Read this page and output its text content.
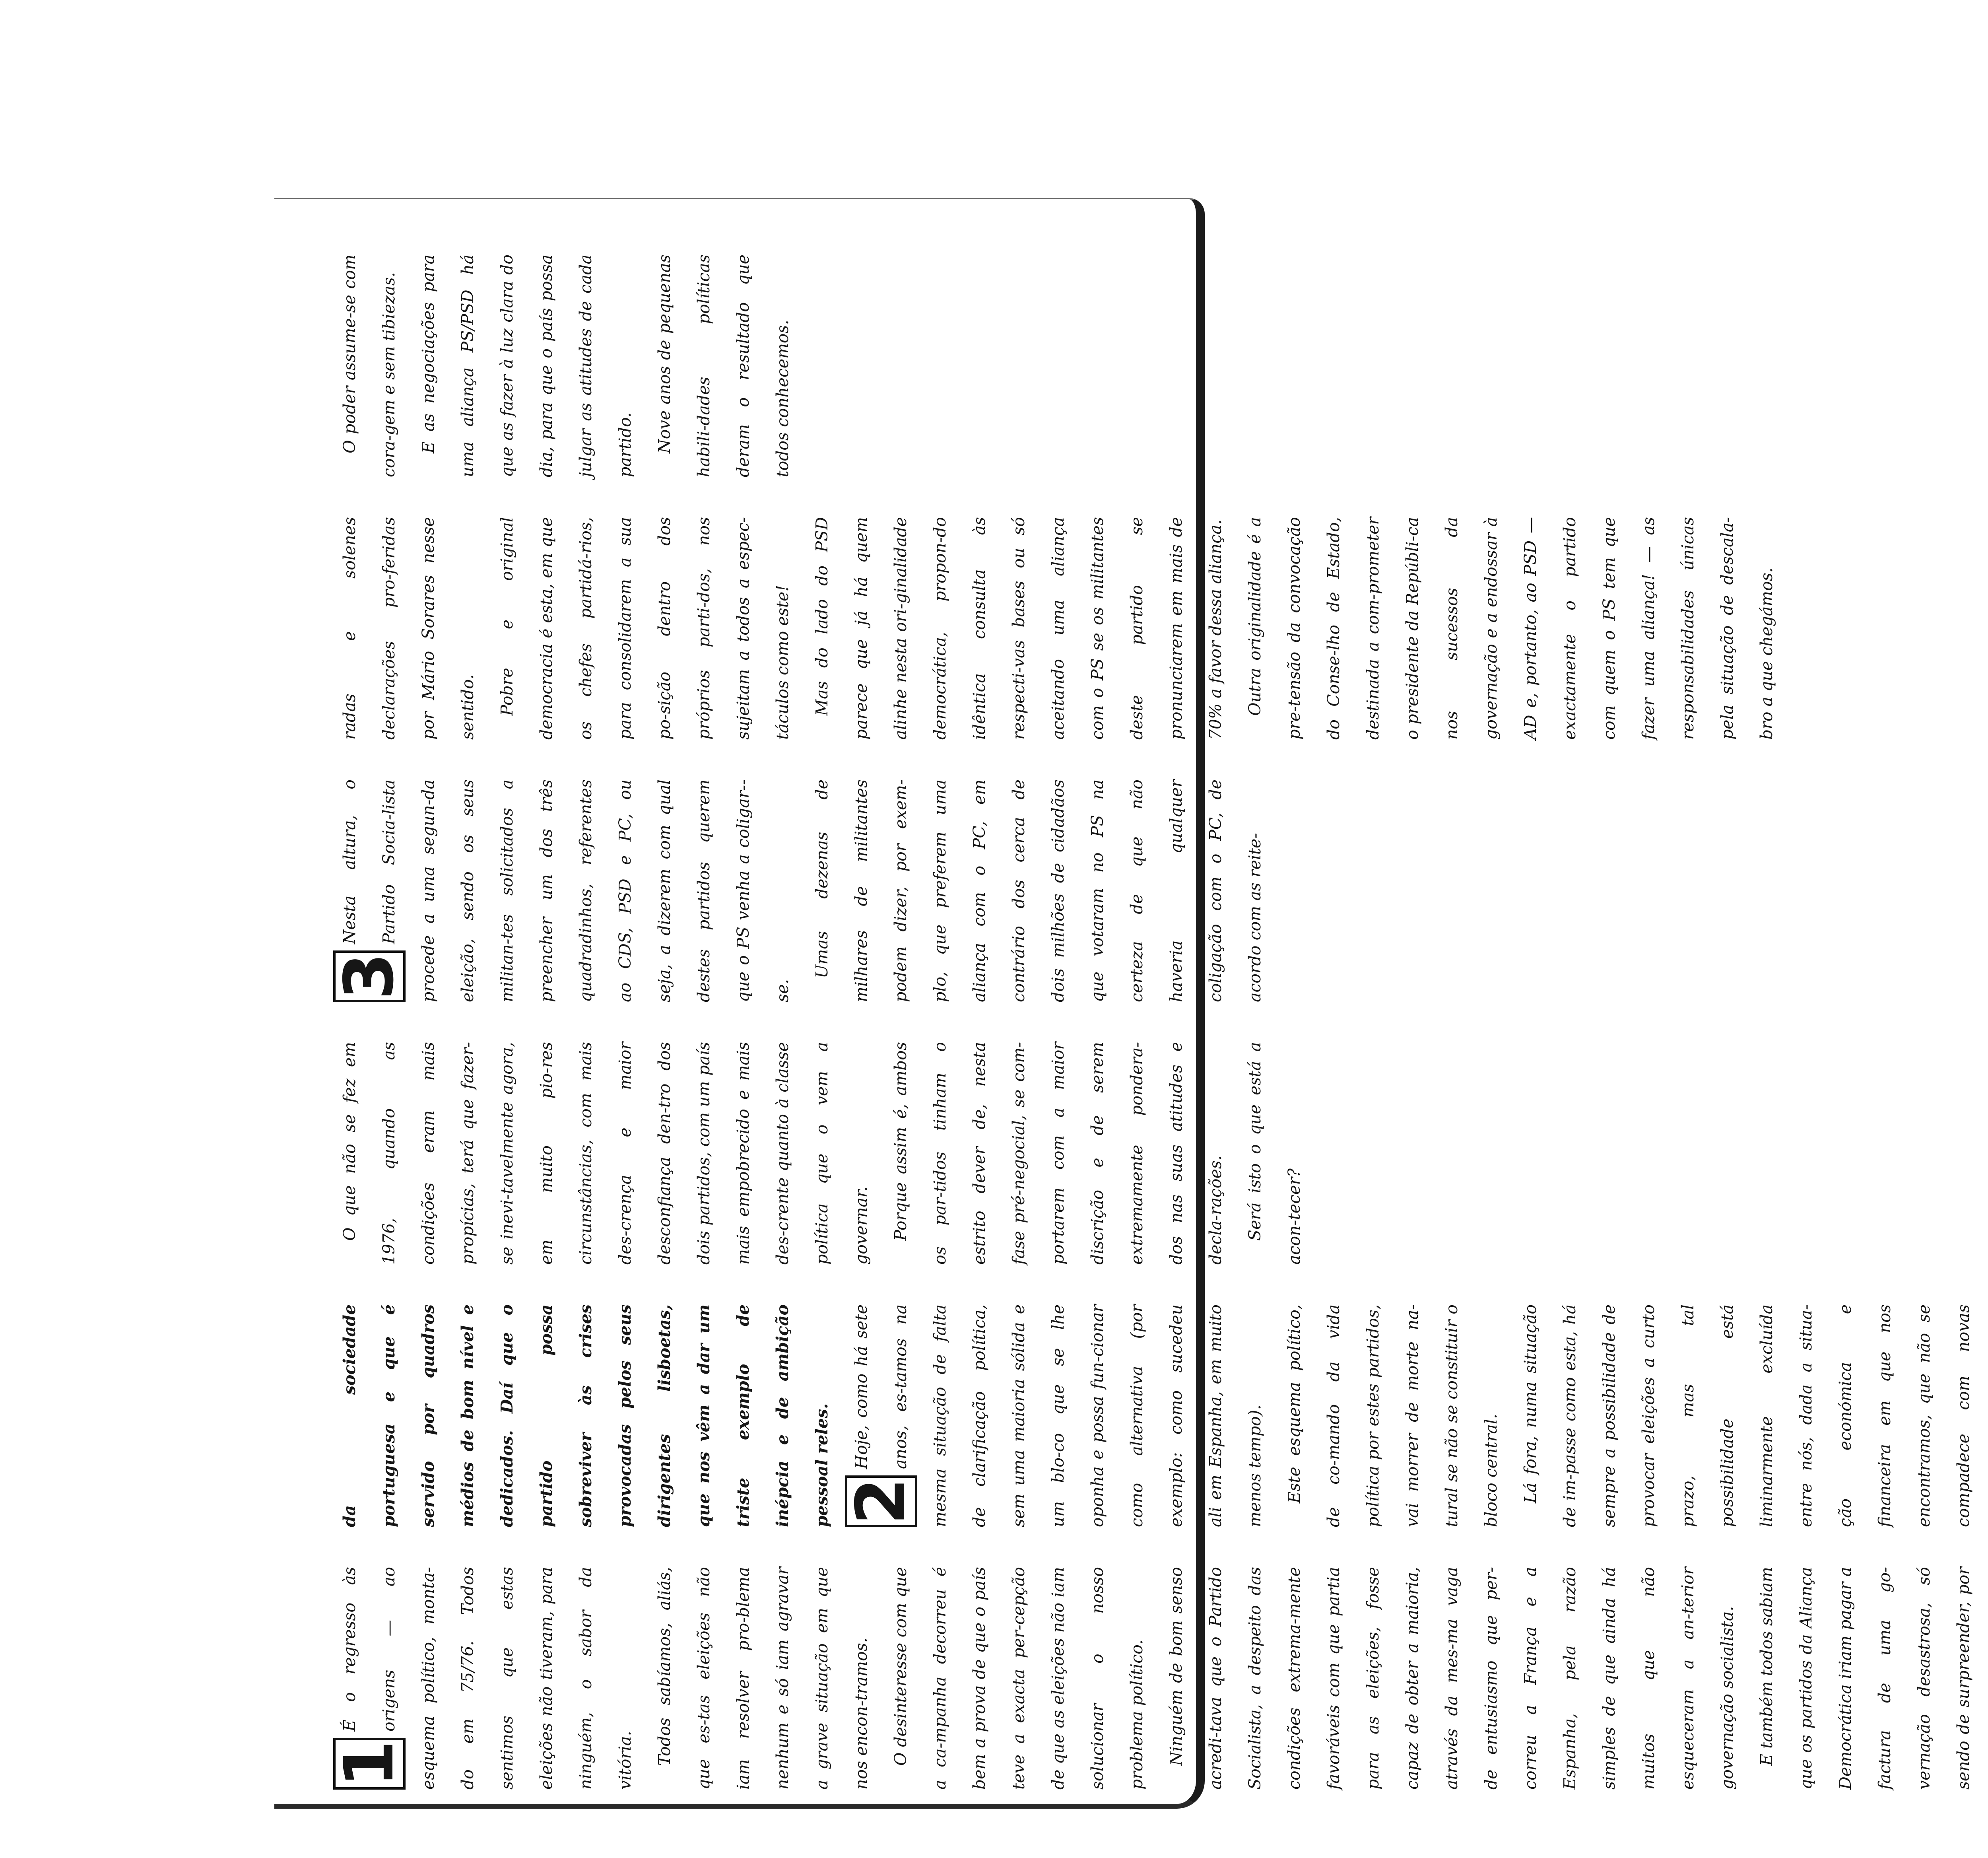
1

É o regresso às origens — ao esquema político, monta-do em 75/76. Todos sentimos que estas eleições não tiveram, para ninguém, o sabor da vitória.	Todos sabíamos, aliás, que es-tas eleições não iam resolver pro-blema nenhum e só iam agravar a grave situação em que nos encon-tramos.	O desinteresse com que a ca-mpanha decorreu é bem a prova de que o país teve a exacta per-cepção de que as eleições não iam solucionar o nosso problema político.	Ninguém de bom senso acredi-tava que o Partido Socialista, a despeito das condições extrema-mente favoráveis com que partia para as eleições, fosse capaz de obter a maioria, através da mes-ma vaga de entusiasmo que per-correu a França e a Espanha, pela razão simples de que ainda há muitos que não esqueceram a an-terior governação socialista.	E também todos sabiam que os partidos da Aliança Democrática iriam pagar a factura de uma go-vernação desastrosa, só sendo de surpreender, por

da sociedade portuguesa e que é servido por quadros médios de bom nível e dedicados. Daí que o partido possa sobreviver às crises provocadas pelos seus dirigentes lisboetas, que nos vêm a dar um triste exemplo de inépcia e de ambição pessoal reles. 2

Hoje, como há sete anos, es-tamos na mesma situação de falta de clarificação política, sem uma maioria sólida e um blo-co que se lhe oponha e possa fun-cionar como alternativa (por exemplo: como sucedeu ali em Espanha, em muito menos tempo).	Este esquema político, de co-mando da vida política por estes partidos, vai morrer de morte na-tural se não se constituir o bloco central.	Lá fora, numa situação de im-passe como esta, há sempre a possibilidade de provocar eleições a curto prazo, mas tal possibilidade está liminarmente excluída entre nós, dada a situa-ção económica e financeira em que nos encontramos, que não se compadece com novas

O que não se fez em 1976, quando as condições eram mais propícias, terá que fazer-se inevi-tavelmente agora, em muito pio-res circunstâncias, com mais des-crença e maior desconfiança den-tro dos dois partidos, com um país mais empobrecido e mais des-crente quanto à classe política que o vem a governar.	Porque assim é, ambos os par-tidos tinham o estrito dever de, nesta fase pré-negocial, se com-portarem com a maior discrição e de serem extremamente pondera-dos nas suas atitudes e decla-rações.	Será isto o que está a acon-tecer?

3

Nesta altura, o Partido Socia-lista procede a uma segun-da eleição, sendo os seus militan-tes solicitados a preencher um dos três quadradinhos, referentes ao CDS, PSD e PC, ou seja, a dizerem com qual destes partidos querem que o PS venha a coligar--se.

Umas dezenas de milhares de militantes podem dizer, por exem-plo, que preferem uma aliança com o PC, em contrário dos cerca de dois milhões de cidadãos que votaram no PS na certeza de que não haveria qualquer coligação com o PC, de acordo com as reite-

radas e solenes declarações pro-feridas por Mário Sorares nesse sentido.	Pobre e original democracia é esta, em que os chefes partidá-rios, para consolidarem a sua po-sição dentro dos próprios parti-dos, nos sujeitam a todos a espec-táculos como este!	Mas do lado do PSD parece que já há quem alinhe nesta ori-ginalidade democrática, propon-do idêntica consulta às respecti-vas bases ou só aceitando uma aliança com o PS se os militantes deste partido se pronunciarem em mais de 70% a favor dessa aliança.	Outra originalidade é a pre-tensão da convocação do Conse-lho de Estado, destinada a com-prometer o presidente da Repúbli-ca nos sucessos da governação e a endossar à AD e, portanto, ao PSD — exactamente o partido com quem o PS tem que fazer uma aliança! — as responsabilidades únicas pela situação de descala-bro a que chegámos.

O poder assume-se com cora-gem e sem tibiezas.	E as negociações para uma aliança PS/PSD há que as fazer à luz clara do dia, para que o país possa julgar as atitudes de cada partido.	Nove anos de pequenas habili-dades políticas deram o resultado que todos conhecemos.
